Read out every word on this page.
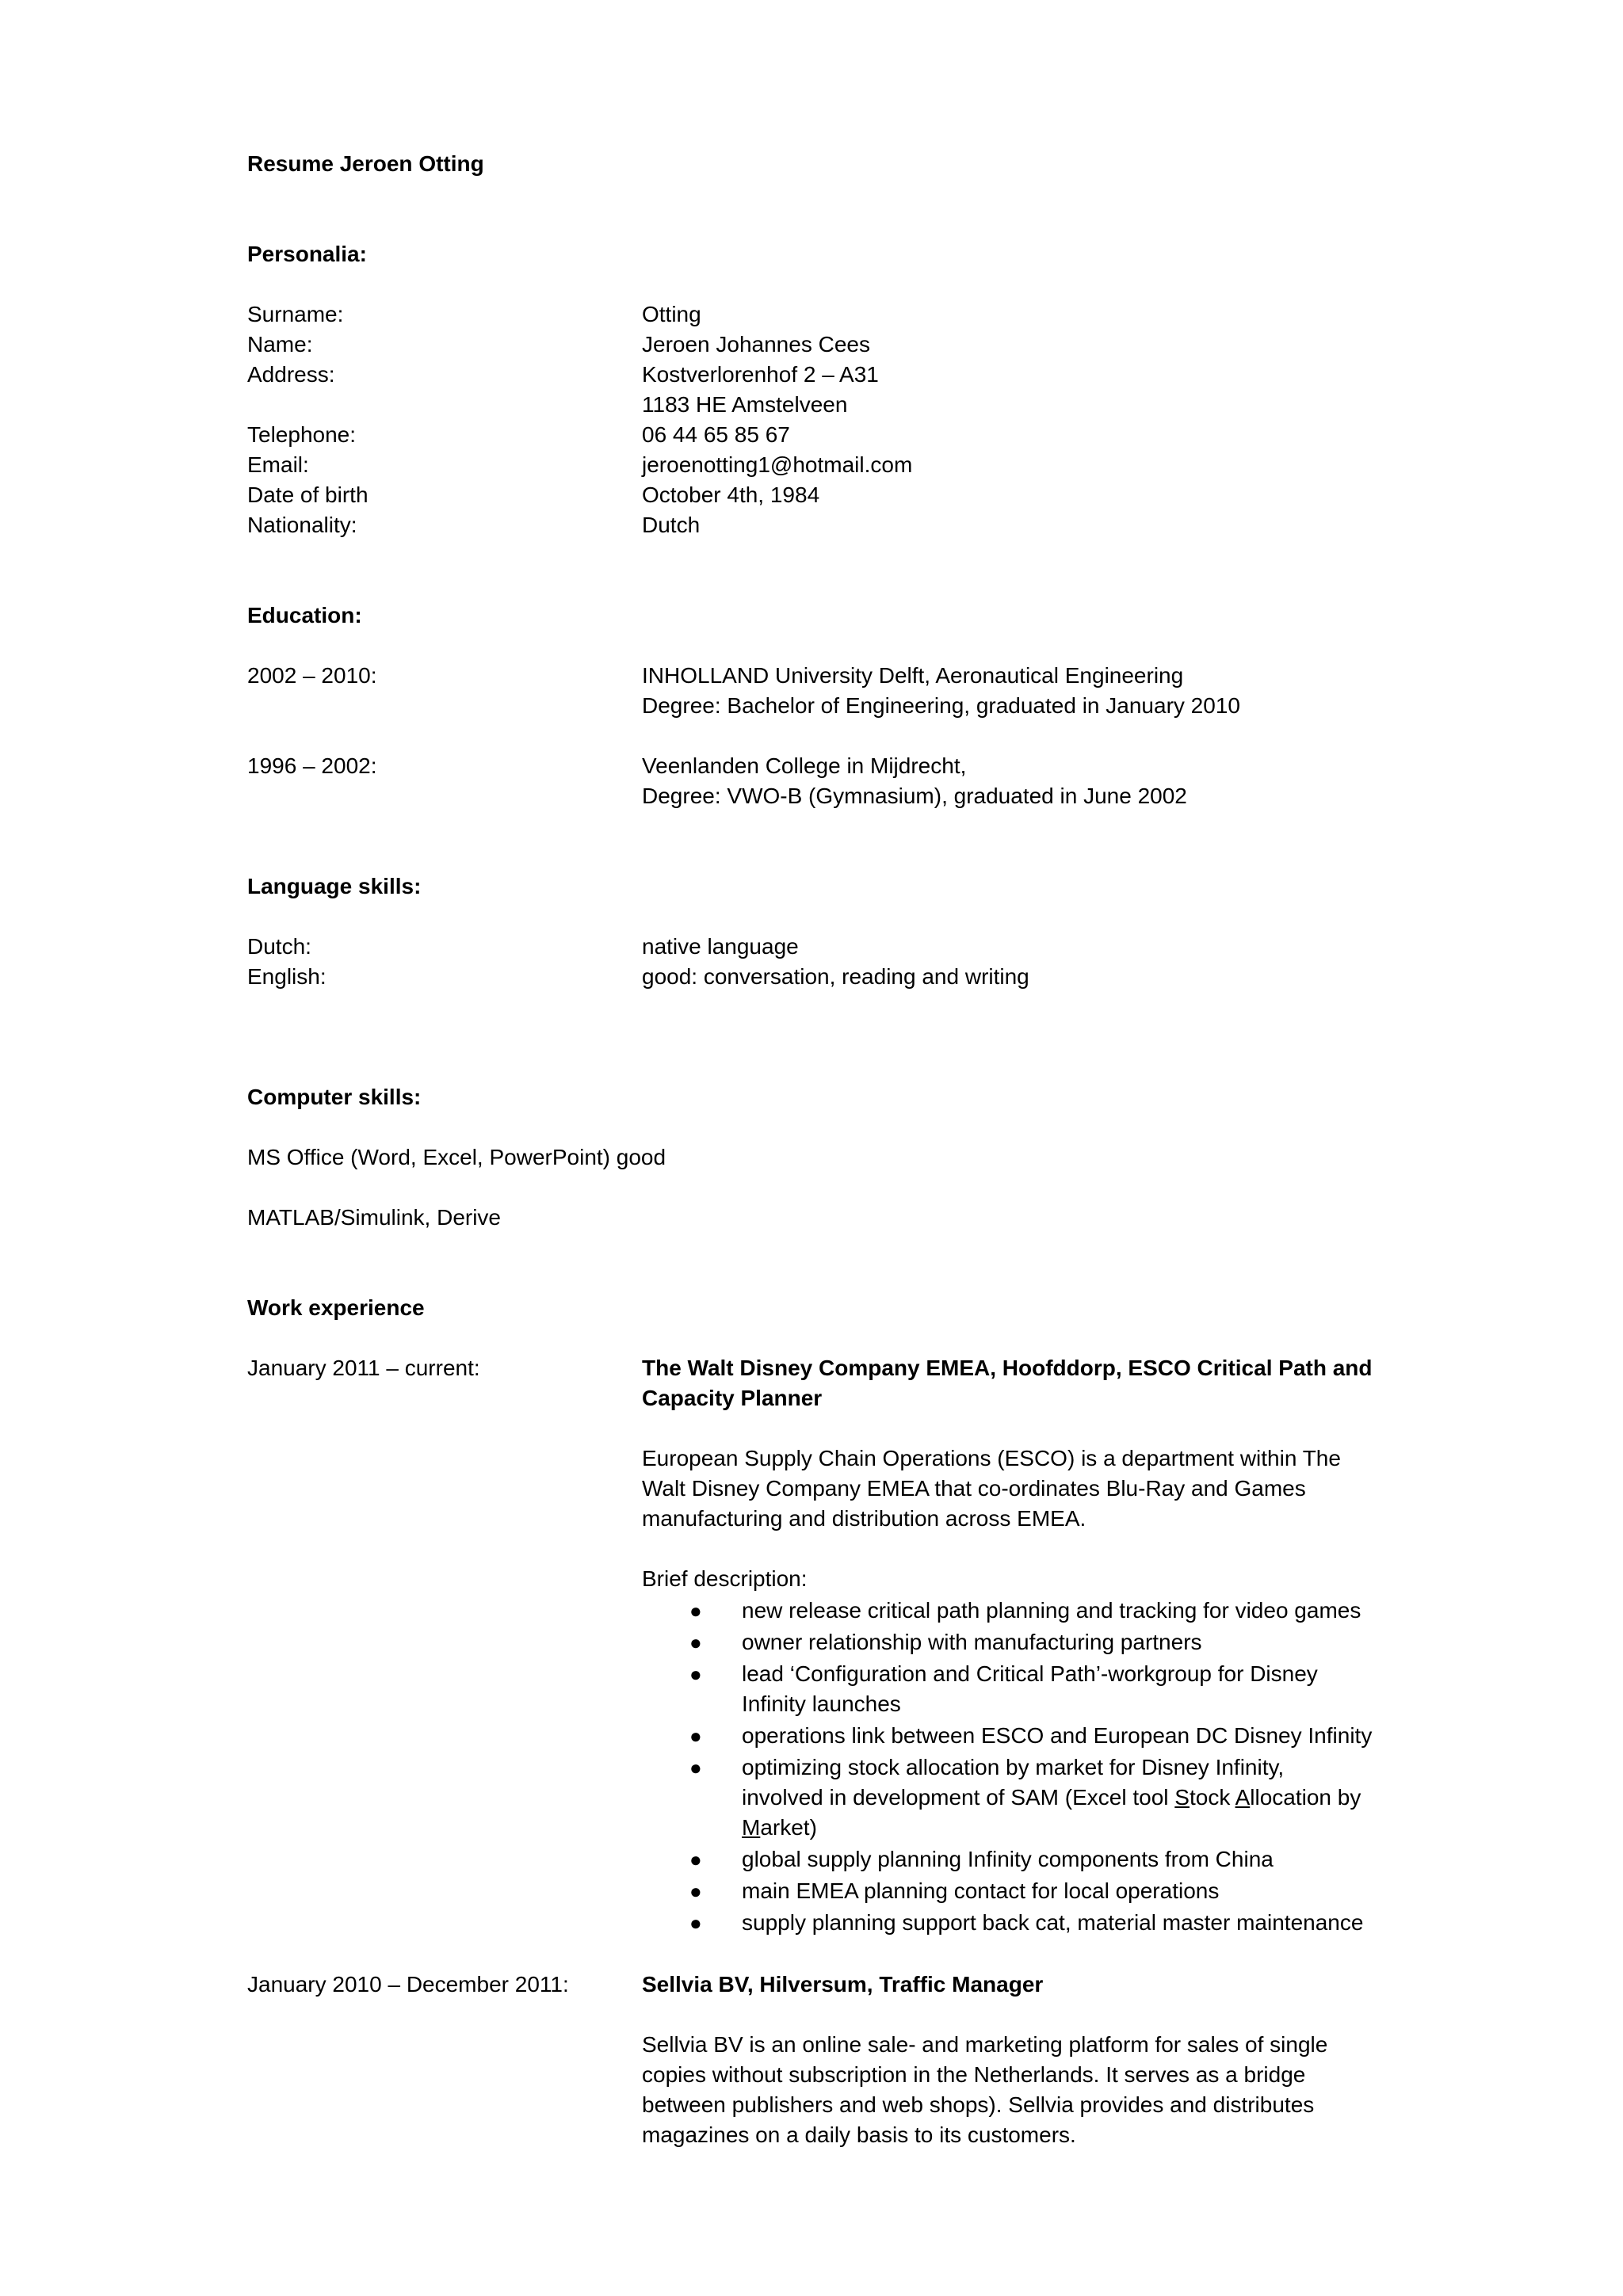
Resume Jeroen Otting
Personalia:
Surname:	Otting
Name:	Jeroen Johannes Cees
Address:	Kostverlorenhof 2 – A31
1183 HE Amstelveen
Telephone:	06 44 65 85 67
Email:	jeroenotting1@hotmail.com
Date of birth	October 4th, 1984
Nationality:	Dutch
Education:
2002 – 2010:	INHOLLAND University Delft, Aeronautical Engineering
Degree: Bachelor of Engineering, graduated in January 2010
1996 – 2002:	Veenlanden College in Mijdrecht,
Degree: VWO-B (Gymnasium), graduated in June 2002
Language skills:
Dutch:	native language
English:	good: conversation, reading and writing
Computer skills:
MS Office (Word, Excel, PowerPoint) good
MATLAB/Simulink, Derive
Work experience
January 2011 – current:	The Walt Disney Company EMEA, Hoofddorp, ESCO Critical Path and
Capacity Planner
European Supply Chain Operations (ESCO) is a department within The
Walt Disney Company EMEA that co-ordinates Blu-Ray and Games
manufacturing and distribution across EMEA.
Brief description:
● new release critical path planning and tracking for video games
● owner relationship with manufacturing partners
● lead ‘Configuration and Critical Path’-workgroup for Disney
Infinity launches
● operations link between ESCO and European DC Disney Infinity
● optimizing stock allocation by market for Disney Infinity,
involved in development of SAM (Excel tool Stock Allocation by
Market)
● global supply planning Infinity components from China
● main EMEA planning contact for local operations
● supply planning support back cat, material master maintenance
January 2010 – December 2011:	Sellvia BV, Hilversum, Traffic Manager
Sellvia BV is an online sale- and marketing platform for sales of single
copies without subscription in the Netherlands. It serves as a bridge
between publishers and web shops). Sellvia provides and distributes
magazines on a daily basis to its customers.
